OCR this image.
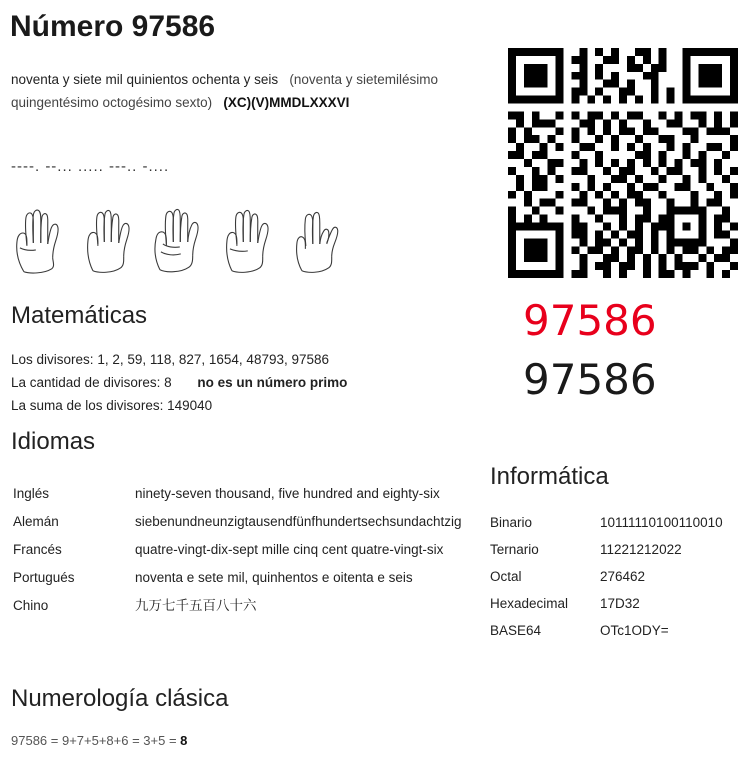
Número 97586
noventa y siete mil quinientos ochenta y seis (noventa y sietemilésimo quingentésimo octogésimo sexto) (XC)(V)MMDLXXXVI
----. --... ..... ---.. -....
97586
97586
Matemáticas
Los divisores: 1, 2, 59, 118, 827, 1654, 48793, 97586
La cantidad de divisores: 8 no es un número primo
La suma de los divisores: 149040
Idiomas
Inglés	ninety-seven thousand, five hundred and eighty-six
Alemán	siebenundneunzigtausendfünfhundertsechsundachtzig
Francés	quatre-vingt-dix-sept mille cinq cent quatre-vingt-six
Portugués	noventa e sete mil, quinhentos e oitenta e seis
Chino	九万七千五百八十六
Informática
Binario	10111110100110010
Ternario	11221212022
Octal	276462
Hexadecimal	17D32
BASE64	OTc1ODY=
Numerología clásica
97586 = 9+7+5+8+6 = 3+5 = 8
